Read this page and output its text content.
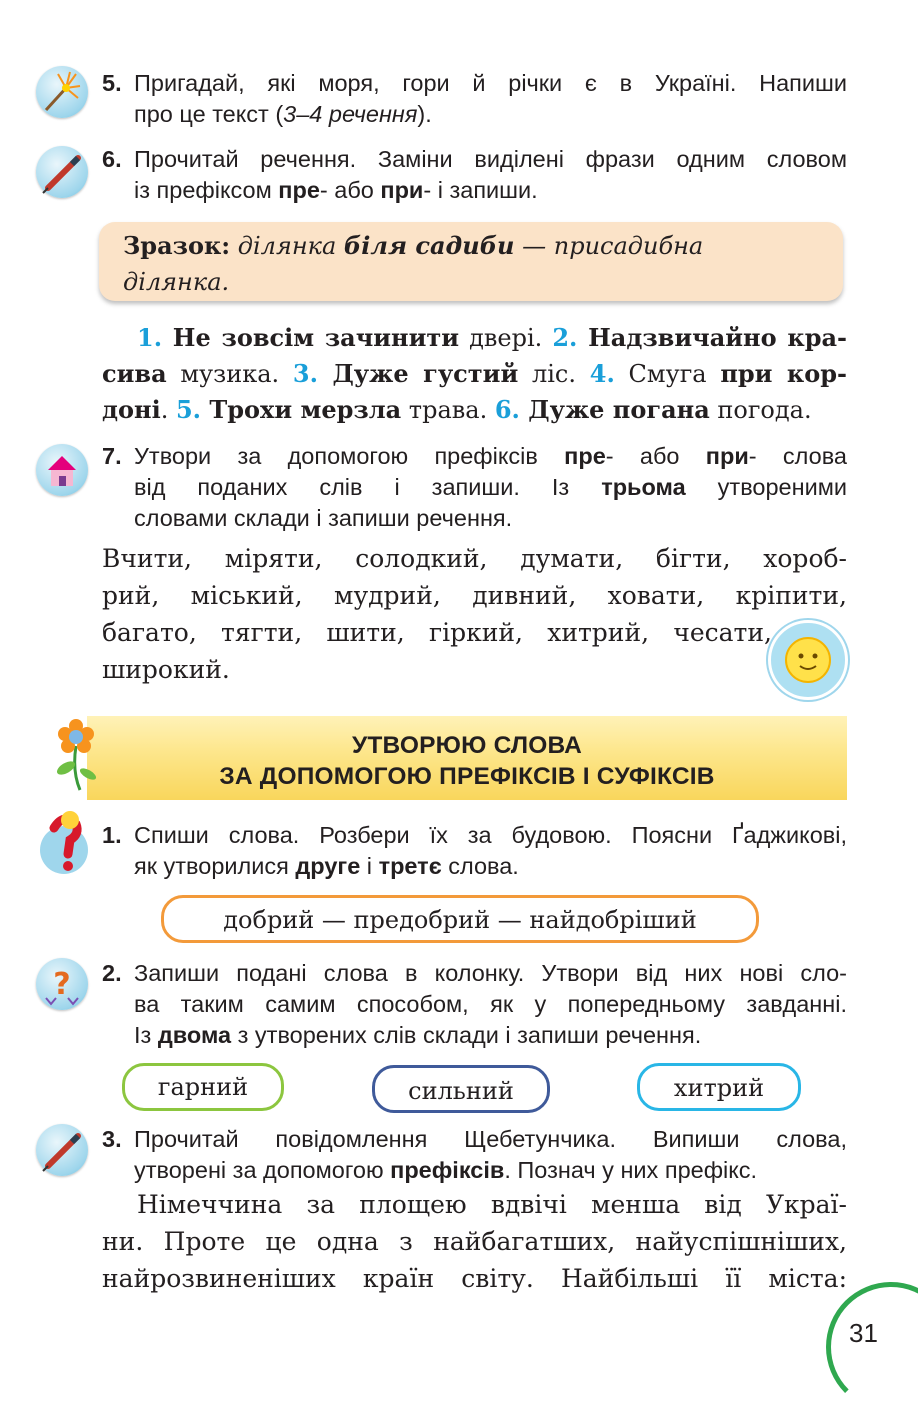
5. Пригадай, які моря, гори й річки є в Україні. Напиши
про це текст (3–4 речення).
6. Прочитай речення. Заміни виділені фрази одним словом
із префіксом пре- або при- і запиши.
Зразок: ділянка біля садиби — присадибна
ділянка.
1. Не зовсім зачинити двері. 2. Надзвичайно кра-
сива музика. 3. Дуже густий ліс. 4. Смуга при кор-
доні. 5. Трохи мерзла трава. 6. Дуже погана погода.
7. Утвори за допомогою префіксів пре- або при- слова
від поданих слів і запиши. Із трьома утвореними
словами склади і запиши речення.
Вчити, міряти, солодкий, думати, бігти, хороб-
рий, міський, мудрий, дивний, ховати, кріпити,
багато, тягти, шити, гіркий, хитрий, чесати,
широкий.
УТВОРЮЮ СЛОВА
ЗА ДОПОМОГОЮ ПРЕФІКСІВ І СУФІКСІВ
1. Спиши слова. Розбери їх за будовою. Поясни Ґаджикові,
як утворилися друге і третє слова.
добрий — предобрий — найдобріший
? 2. Запиши подані слова в колонку. Утвори від них нові сло-
ва таким самим способом, як у попередньому завданні.
Із двома з утворених слів склади і запиши речення.
гарний	сильний	хитрий
3. Прочитай повідомлення Щебетунчика. Випиши слова,
утворені за допомогою префіксів. Познач у них префікс.
Німеччина за площею вдвічі менша від Украї-
ни. Проте це одна з найбагатших, найуспішніших,
найрозвиненіших країн світу. Найбільші її міста:
31
